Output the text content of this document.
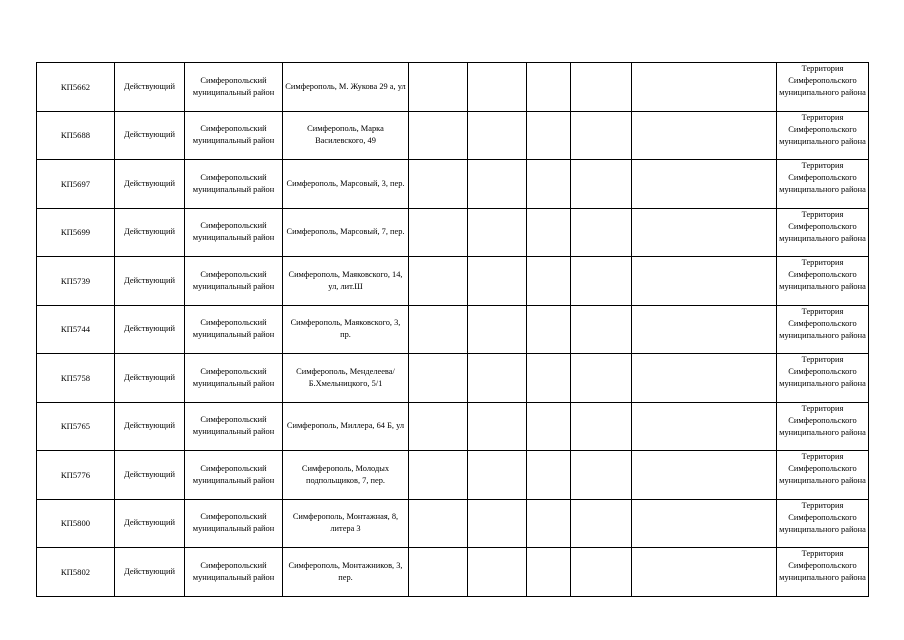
КП5662	Действующий	Симферопольский муниципальный район	Симферополь, М. Жукова 29 а, ул						Территория Симферопольского муниципального района
КП5688	Действующий	Симферопольский муниципальный район	Симферополь, Марка Василевского, 49						Территория Симферопольского муниципального района
КП5697	Действующий	Симферопольский муниципальный район	Симферополь, Марсовый, 3, пер.						Территория Симферопольского муниципального района
КП5699	Действующий	Симферопольский муниципальный район	Симферополь, Марсовый, 7, пер.						Территория Симферопольского муниципального района
КП5739	Действующий	Симферопольский муниципальный район	Симферополь, Маяковского, 14, ул, лит.Ш						Территория Симферопольского муниципального района
КП5744	Действующий	Симферопольский муниципальный район	Симферополь, Маяковского, 3, пр.						Территория Симферопольского муниципального района
КП5758	Действующий	Симферопольский муниципальный район	Симферополь, Менделеева/ Б.Хмельницкого, 5/1						Территория Симферопольского муниципального района
КП5765	Действующий	Симферопольский муниципальный район	Симферополь, Миллера, 64 Б, ул						Территория Симферопольского муниципального района
КП5776	Действующий	Симферопольский муниципальный район	Симферополь, Молодых подпольщиков, 7, пер.						Территория Симферопольского муниципального района
КП5800	Действующий	Симферопольский муниципальный район	Симферополь, Монтажная, 8, литера 3						Территория Симферопольского муниципального района
КП5802	Действующий	Симферопольский муниципальный район	Симферополь, Монтажников, 3, пер.						Территория Симферопольского муниципального района
